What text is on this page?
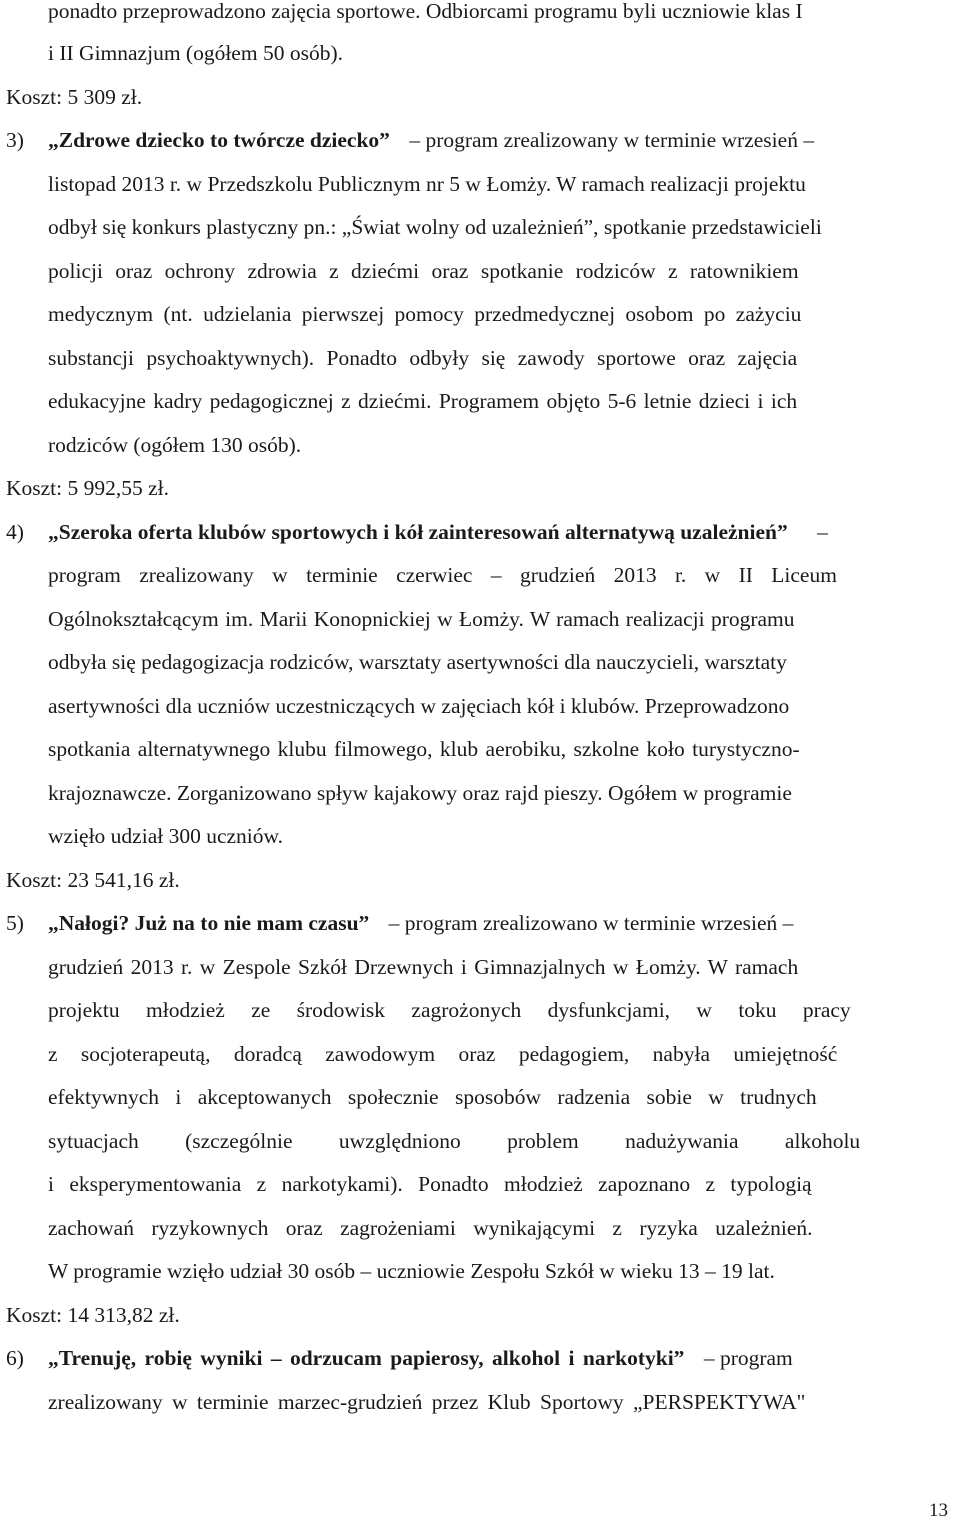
ponadto przeprowadzono zajęcia sportowe. Odbiorcami programu byli uczniowie klas I
i II Gimnazjum (ogółem 50 osób).
Koszt: 5 309 zł.
3) „Zdrowe dziecko to twórcze dziecko” – program zrealizowany w terminie wrzesień –
listopad 2013 r. w Przedszkolu Publicznym nr 5 w Łomży. W ramach realizacji projektu
odbył się konkurs plastyczny pn.: „Świat wolny od uzależnień”, spotkanie przedstawicieli
policji oraz ochrony zdrowia z dziećmi oraz spotkanie rodziców z ratownikiem
medycznym (nt. udzielania pierwszej pomocy przedmedycznej osobom po zażyciu
substancji psychoaktywnych). Ponadto odbyły się zawody sportowe oraz zajęcia
edukacyjne kadry pedagogicznej z dziećmi. Programem objęto 5-6 letnie dzieci i ich
rodziców (ogółem 130 osób).
Koszt: 5 992,55 zł.
4) „Szeroka oferta klubów sportowych i kół zainteresowań alternatywą uzależnień” –
program zrealizowany w terminie czerwiec – grudzień 2013 r. w II Liceum
Ogólnokształcącym im. Marii Konopnickiej w Łomży. W ramach realizacji programu
odbyła się pedagogizacja rodziców, warsztaty asertywności dla nauczycieli, warsztaty
asertywności dla uczniów uczestniczących w zajęciach kół i klubów. Przeprowadzono
spotkania alternatywnego klubu filmowego, klub aerobiku, szkolne koło turystyczno-
krajoznawcze. Zorganizowano spływ kajakowy oraz rajd pieszy. Ogółem w programie
wzięło udział 300 uczniów.
Koszt: 23 541,16 zł.
5) „Nałogi? Już na to nie mam czasu” – program zrealizowano w terminie wrzesień –
grudzień 2013 r. w Zespole Szkół Drzewnych i Gimnazjalnych w Łomży. W ramach
projektu młodzież ze środowisk zagrożonych dysfunkcjami, w toku pracy
z socjoterapeutą, doradcą zawodowym oraz pedagogiem, nabyła umiejętność
efektywnych i akceptowanych społecznie sposobów radzenia sobie w trudnych
sytuacjach (szczególnie uwzględniono problem nadużywania alkoholu
i eksperymentowania z narkotykami). Ponadto młodzież zapoznano z typologią
zachowań ryzykownych oraz zagrożeniami wynikającymi z ryzyka uzależnień.
W programie wzięło udział 30 osób – uczniowie Zespołu Szkół w wieku 13 – 19 lat.
Koszt: 14 313,82 zł.
6) „Trenuję, robię wyniki – odrzucam papierosy, alkohol i narkotyki” – program
zrealizowany w terminie marzec-grudzień przez Klub Sportowy „PERSPEKTYWA"
13
